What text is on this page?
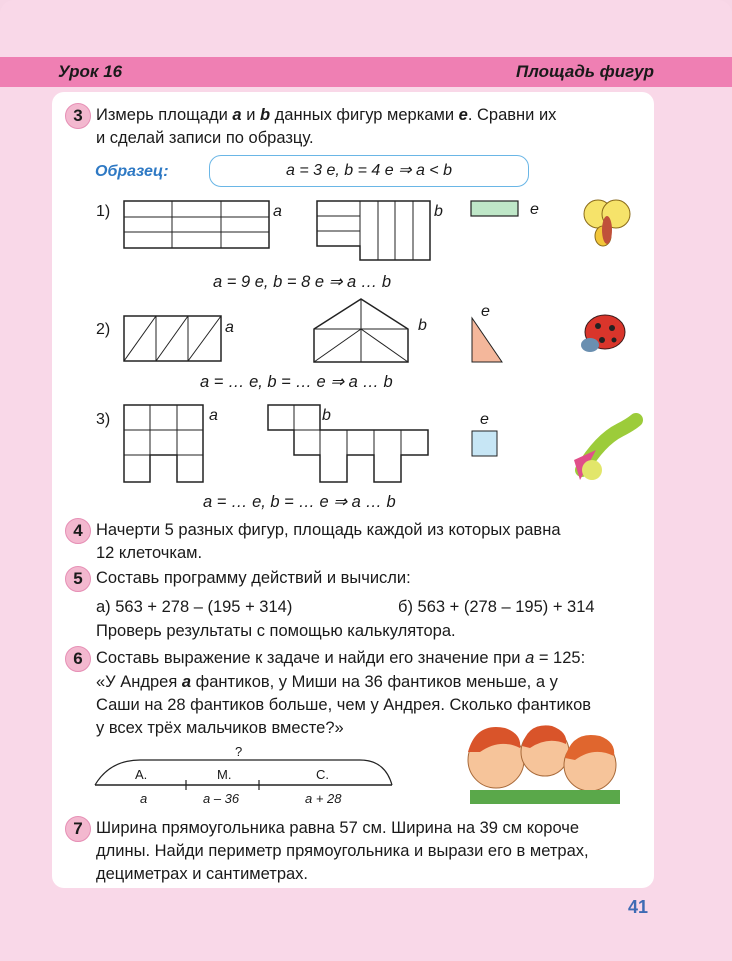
Урок 16	Площадь фигур
3 Измерь площади a и b данных фигур мерками e. Сравни их
и сделай записи по образцу.
Образец:	a = 3 e, b = 4 e ⇒ a < b
1)	a	b	e
a = 9 e, b = 8 e ⇒ a … b
2)	a	b
e
a = … e, b = … e ⇒ a … b
3)	a	b	e
a = … e, b = … e ⇒ a … b
4 Начерти 5 разных фигур, площадь каждой из которых равна
12 клеточкам.
5 Составь программу действий и вычисли:
а) 563 + 278 – (195 + 314)	б) 563 + (278 – 195) + 314
Проверь результаты с помощью калькулятора.
6 Составь выражение к задаче и найди его значение при a = 125:
«У Андрея a фантиков, у Миши на 36 фантиков меньше, а у
Саши на 28 фантиков больше, чем у Андрея. Сколько фантиков
у всех трёх мальчиков вместе?»
?
А.	М.	С.
a	a – 36	a + 28
7 Ширина прямоугольника равна 57 см. Ширина на 39 см короче
длины. Найди периметр прямоугольника и вырази его в метрах,
дециметрах и сантиметрах.
41
